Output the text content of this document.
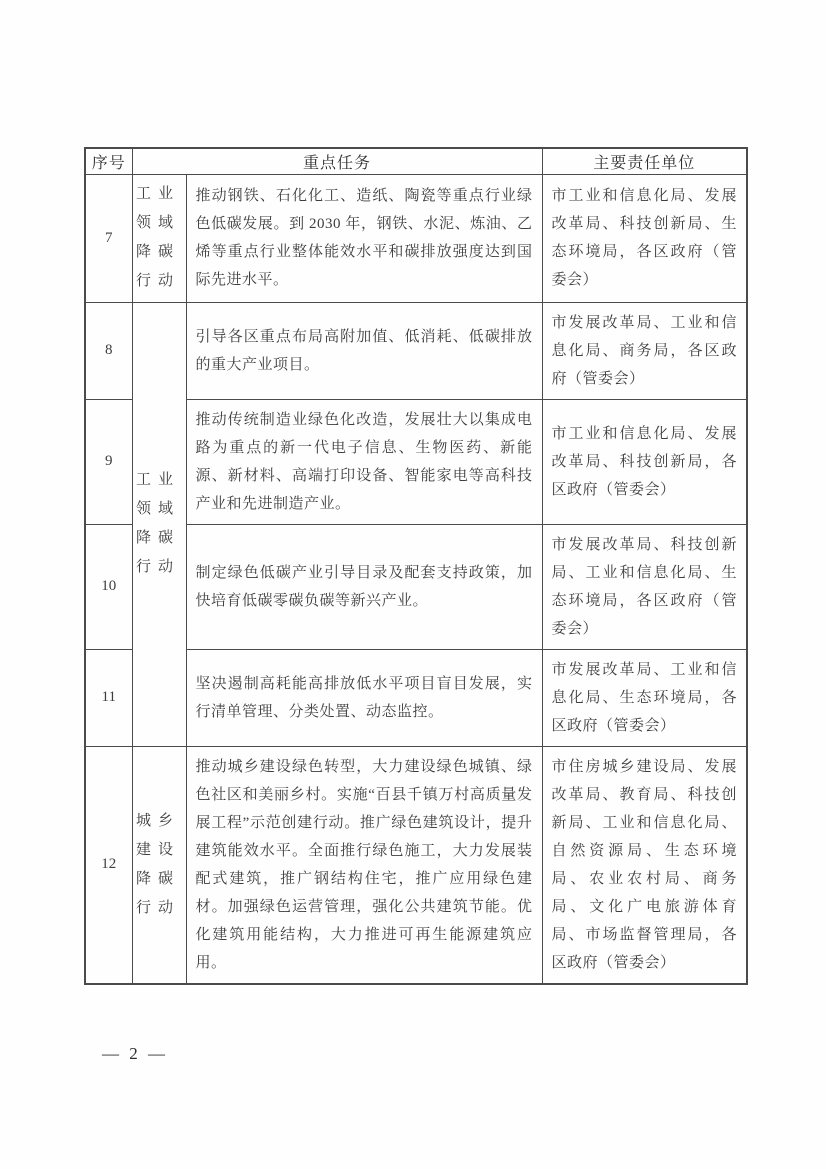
序号	重点任务		主要责任单位
7	工业领域降碳行动	推动钢铁、石化化工、造纸、陶瓷等重点行业绿色低碳发展。到 2030 年，钢铁、水泥、炼油、乙烯等重点行业整体能效水平和碳排放强度达到国际先进水平。	市工业和信息化局、发展改革局、科技创新局、生态环境局，各区政府（管委会）
8	工业领域降碳行动	引导各区重点布局高附加值、低消耗、低碳排放的重大产业项目。	市发展改革局、工业和信息化局、商务局，各区政府（管委会）
9		推动传统制造业绿色化改造，发展壮大以集成电路为重点的新一代电子信息、生物医药、新能源、新材料、高端打印设备、智能家电等高科技产业和先进制造产业。	市工业和信息化局、发展改革局、科技创新局，各区政府（管委会）
10		制定绿色低碳产业引导目录及配套支持政策，加快培育低碳零碳负碳等新兴产业。	市发展改革局、科技创新局、工业和信息化局、生态环境局，各区政府（管委会）
11		坚决遏制高耗能高排放低水平项目盲目发展，实行清单管理、分类处置、动态监控。	市发展改革局、工业和信息化局、生态环境局，各区政府（管委会）
12	城乡建设降碳行动	推动城乡建设绿色转型，大力建设绿色城镇、绿色社区和美丽乡村。实施“百县千镇万村高质量发展工程”示范创建行动。推广绿色建筑设计，提升建筑能效水平。全面推行绿色施工，大力发展装配式建筑，推广钢结构住宅，推广应用绿色建材。加强绿色运营管理，强化公共建筑节能。优化建筑用能结构，大力推进可再生能源建筑应用。	市住房城乡建设局、发展改革局、教育局、科技创新局、工业和信息化局、自然资源局、生态环境局、农业农村局、商务局、文化广电旅游体育局、市场监督管理局，各区政府（管委会）
— 2 —
